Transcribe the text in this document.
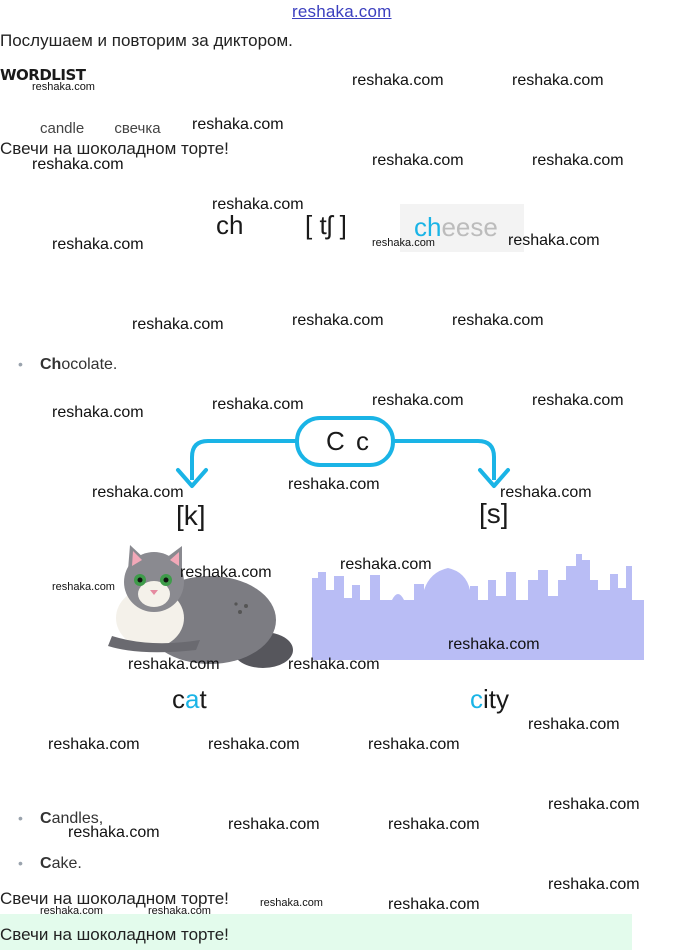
reshaka.com
Послушаем и повторим за диктором.
WORDLIST
candle свечка
Свечи на шоколадном торте!
ch [ tʃ ]	cheese
• Chocolate.
C c
[k]	[s]
cat	city
• Candles,
• Cake.
Свечи на шоколадном торте!
Свечи на шоколадном торте!
reshaka.com	reshaka.com	reshaka.com
reshaka.com
reshaka.com	reshaka.com	reshaka.com
reshaka.com
reshaka.com	reshaka.com	reshaka.com
reshaka.com	reshaka.com	reshaka.com
reshaka.com	reshaka.com	reshaka.com	reshaka.com
reshaka.com	reshaka.com	reshaka.com
reshaka.com
reshaka.com
reshaka.com
reshaka.com
reshaka.com	reshaka.com
reshaka.com
reshaka.com	reshaka.com	reshaka.com
reshaka.com
reshaka.com	reshaka.com	reshaka.com
reshaka.com
reshaka.com	reshaka.com
reshaka.com	reshaka.com
